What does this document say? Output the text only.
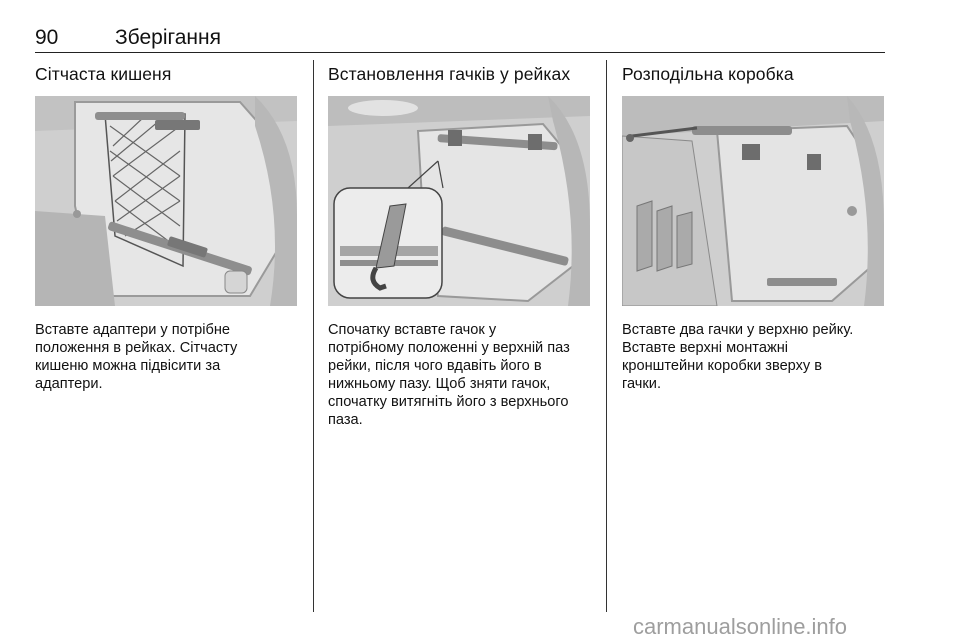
90	Зберігання
Сітчаста кишеня
Вставте адаптери у потрібне
положення в рейках. Сітчасту
кишеню можна підвісити за
адаптери.
Встановлення гачків у рейках
Спочатку вставте гачок у
потрібному положенні у верхній паз
рейки, після чого вдавіть його в
нижньому пазу. Щоб зняти гачок,
спочатку витягніть його з верхнього
паза.
Розподільна коробка
Вставте два гачки у верхню рейку.
Вставте верхні монтажні
кронштейни коробки зверху в
гачки.
carmanualsonline.info
